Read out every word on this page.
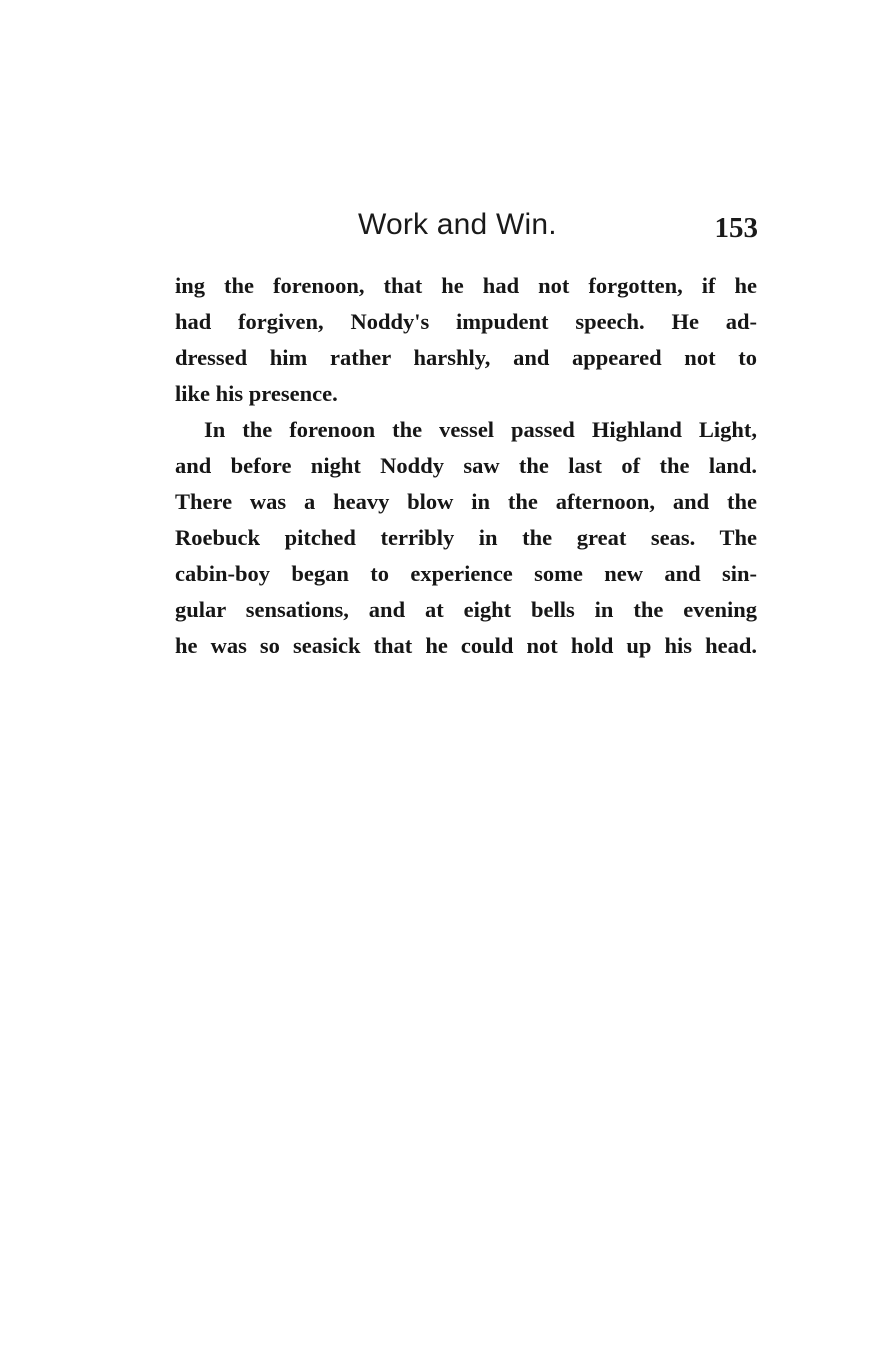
Work and Win.	153
ing the forenoon, that he had not forgotten, if he
had forgiven, Noddy's impudent speech. He ad-
dressed him rather harshly, and appeared not to
like his presence.
In the forenoon the vessel passed Highland Light,
and before night Noddy saw the last of the land.
There was a heavy blow in the afternoon, and the
Roebuck pitched terribly in the great seas. The
cabin-boy began to experience some new and sin-
gular sensations, and at eight bells in the evening
he was so seasick that he could not hold up his head.
